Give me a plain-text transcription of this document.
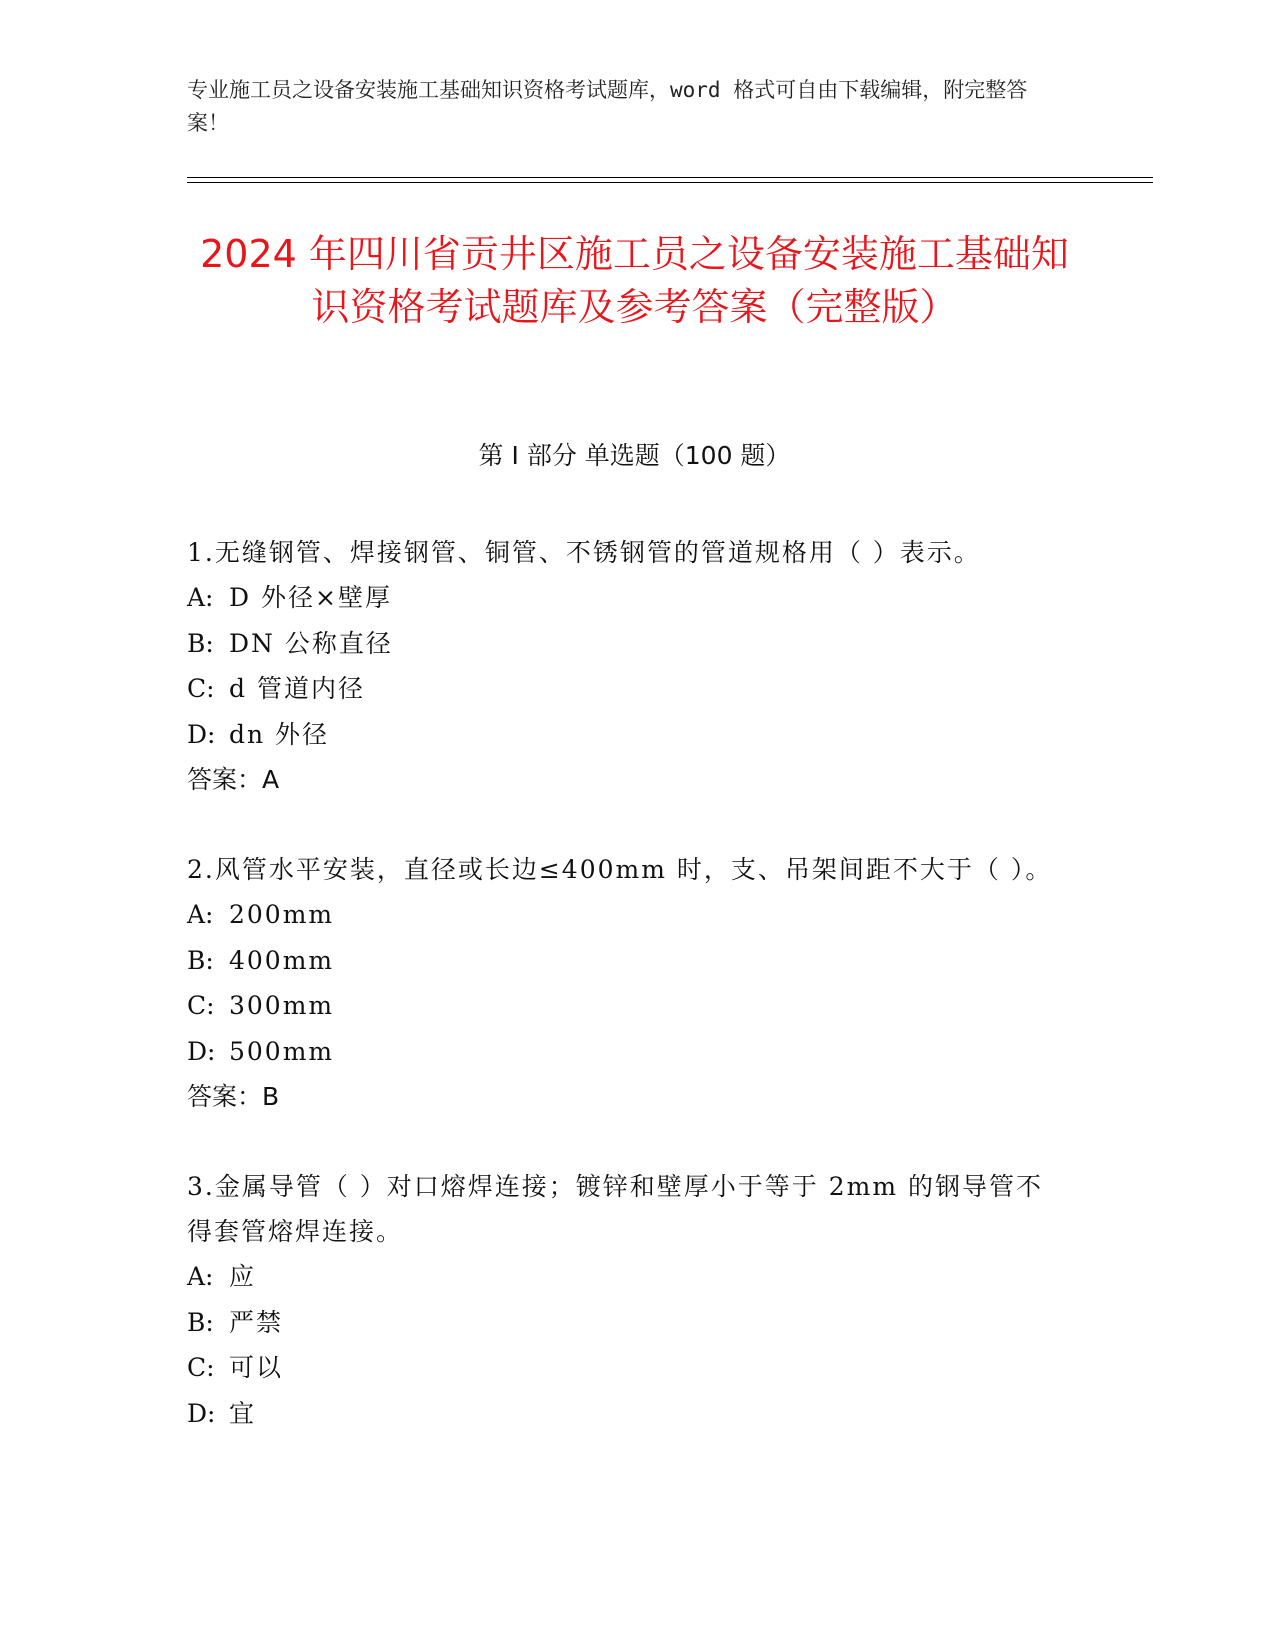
专业施工员之设备安装施工基础知识资格考试题库，word 格式可自由下载编辑，附完整答案！
2024 年四川省贡井区施工员之设备安装施工基础知识资格考试题库及参考答案（完整版）
第 I 部分 单选题（100 题）
1.无缝钢管、焊接钢管、铜管、不锈钢管的管道规格用（ ）表示。
A: D 外径×壁厚
B: DN 公称直径
C: d 管道内径
D: dn 外径
答案：A
2.风管水平安装，直径或长边≤400mm 时，支、吊架间距不大于（ ）。
A: 200mm
B: 400mm
C: 300mm
D: 500mm
答案：B
3.金属导管（ ）对口熔焊连接；镀锌和壁厚小于等于 2mm 的钢导管不得套管熔焊连接。
A: 应
B: 严禁
C: 可以
D: 宜
